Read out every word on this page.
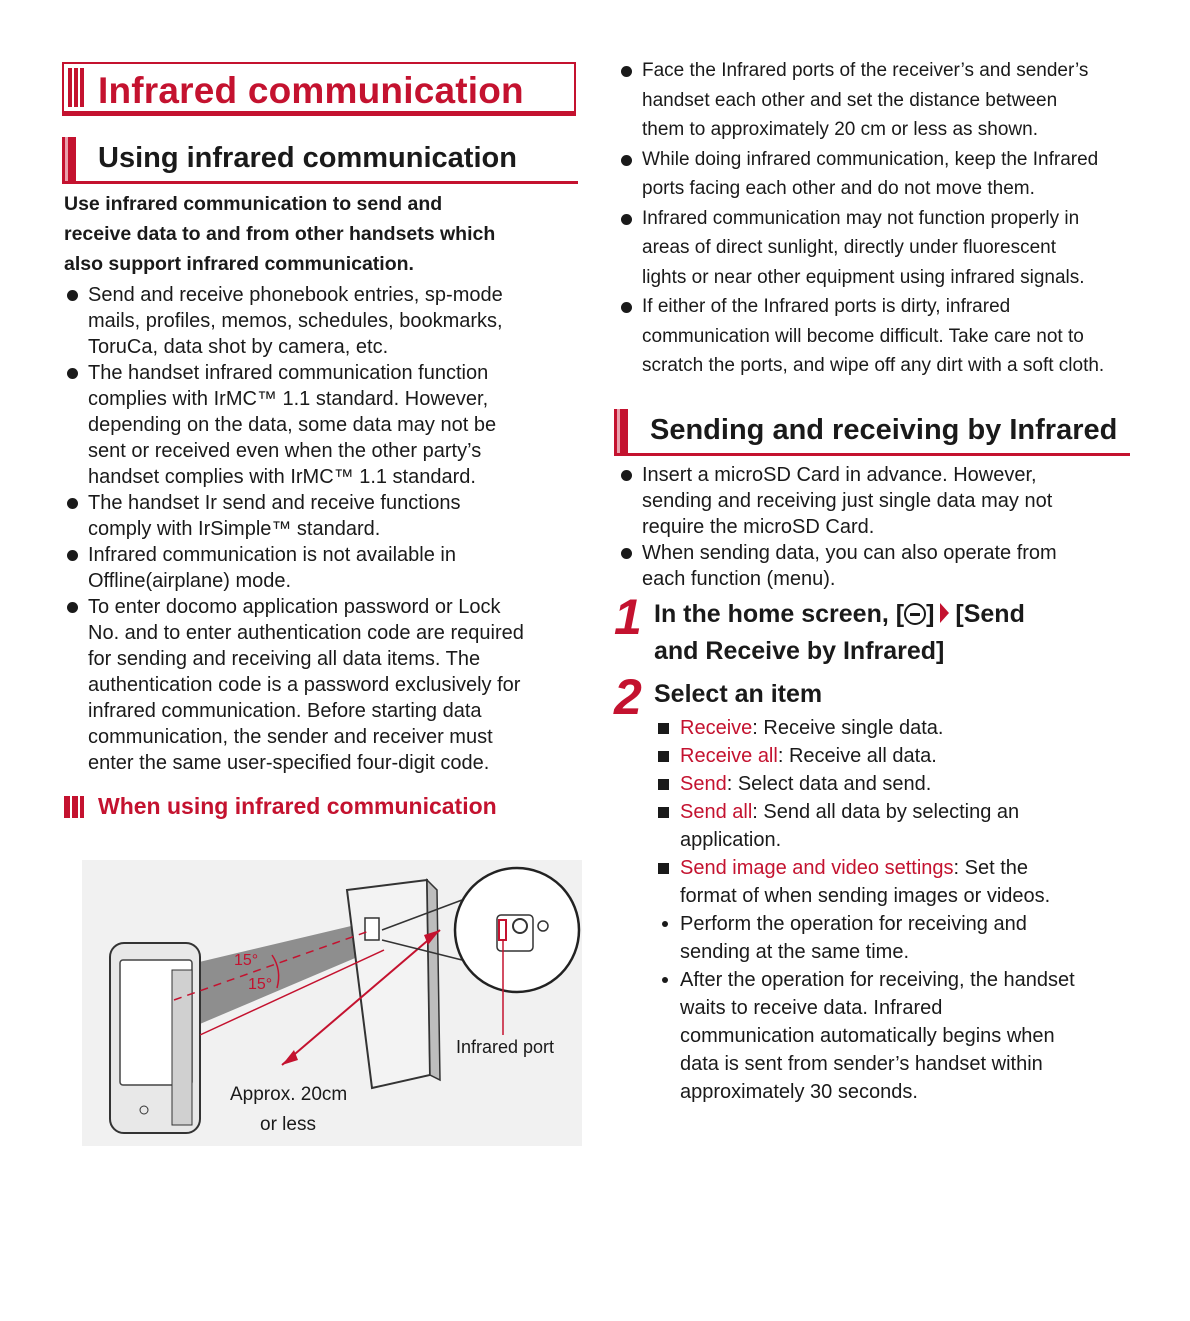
Infrared communication
Using infrared communication
Use infrared communication to send and
receive data to and from other handsets which
also support infrared communication.
Send and receive phonebook entries, sp-mode
mails, profiles, memos, schedules, bookmarks,
ToruCa, data shot by camera, etc.
The handset infrared communication function
complies with IrMC™ 1.1 standard. However,
depending on the data, some data may not be
sent or received even when the other party’s
handset complies with IrMC™ 1.1 standard.
The handset Ir send and receive functions
comply with IrSimple™ standard.
Infrared communication is not available in
Offline(airplane) mode.
To enter docomo application password or Lock
No. and to enter authentication code are required
for sending and receiving all data items. The
authentication code is a password exclusively for
infrared communication. Before starting data
communication, the sender and receiver must
enter the same user-specified four-digit code.
When using infrared communication
15°
15°
Approx. 20cm
or less
Infrared port
Face the Infrared ports of the receiver’s and sender’s
handset each other and set the distance between
them to approximately 20 cm or less as shown.
While doing infrared communication, keep the Infrared
ports facing each other and do not move them.
Infrared communication may not function properly in
areas of direct sunlight, directly under fluorescent
lights or near other equipment using infrared signals.
If either of the Infrared ports is dirty, infrared
communication will become difficult. Take care not to
scratch the ports, and wipe off any dirt with a soft cloth.
Sending and receiving by Infrared
Insert a microSD Card in advance. However,
sending and receiving just single data may not
require the microSD Card.
When sending data, you can also operate from
each function (menu).
1 In the home screen, [ ] [Send
and Receive by Infrared]
2 Select an item
Receive: Receive single data.
Receive all: Receive all data.
Send: Select data and send.
Send all: Send all data by selecting an
application.
Send image and video settings: Set the
format of when sending images or videos.
Perform the operation for receiving and
sending at the same time.
After the operation for receiving, the handset
waits to receive data. Infrared
communication automatically begins when
data is sent from sender’s handset within
approximately 30 seconds.
